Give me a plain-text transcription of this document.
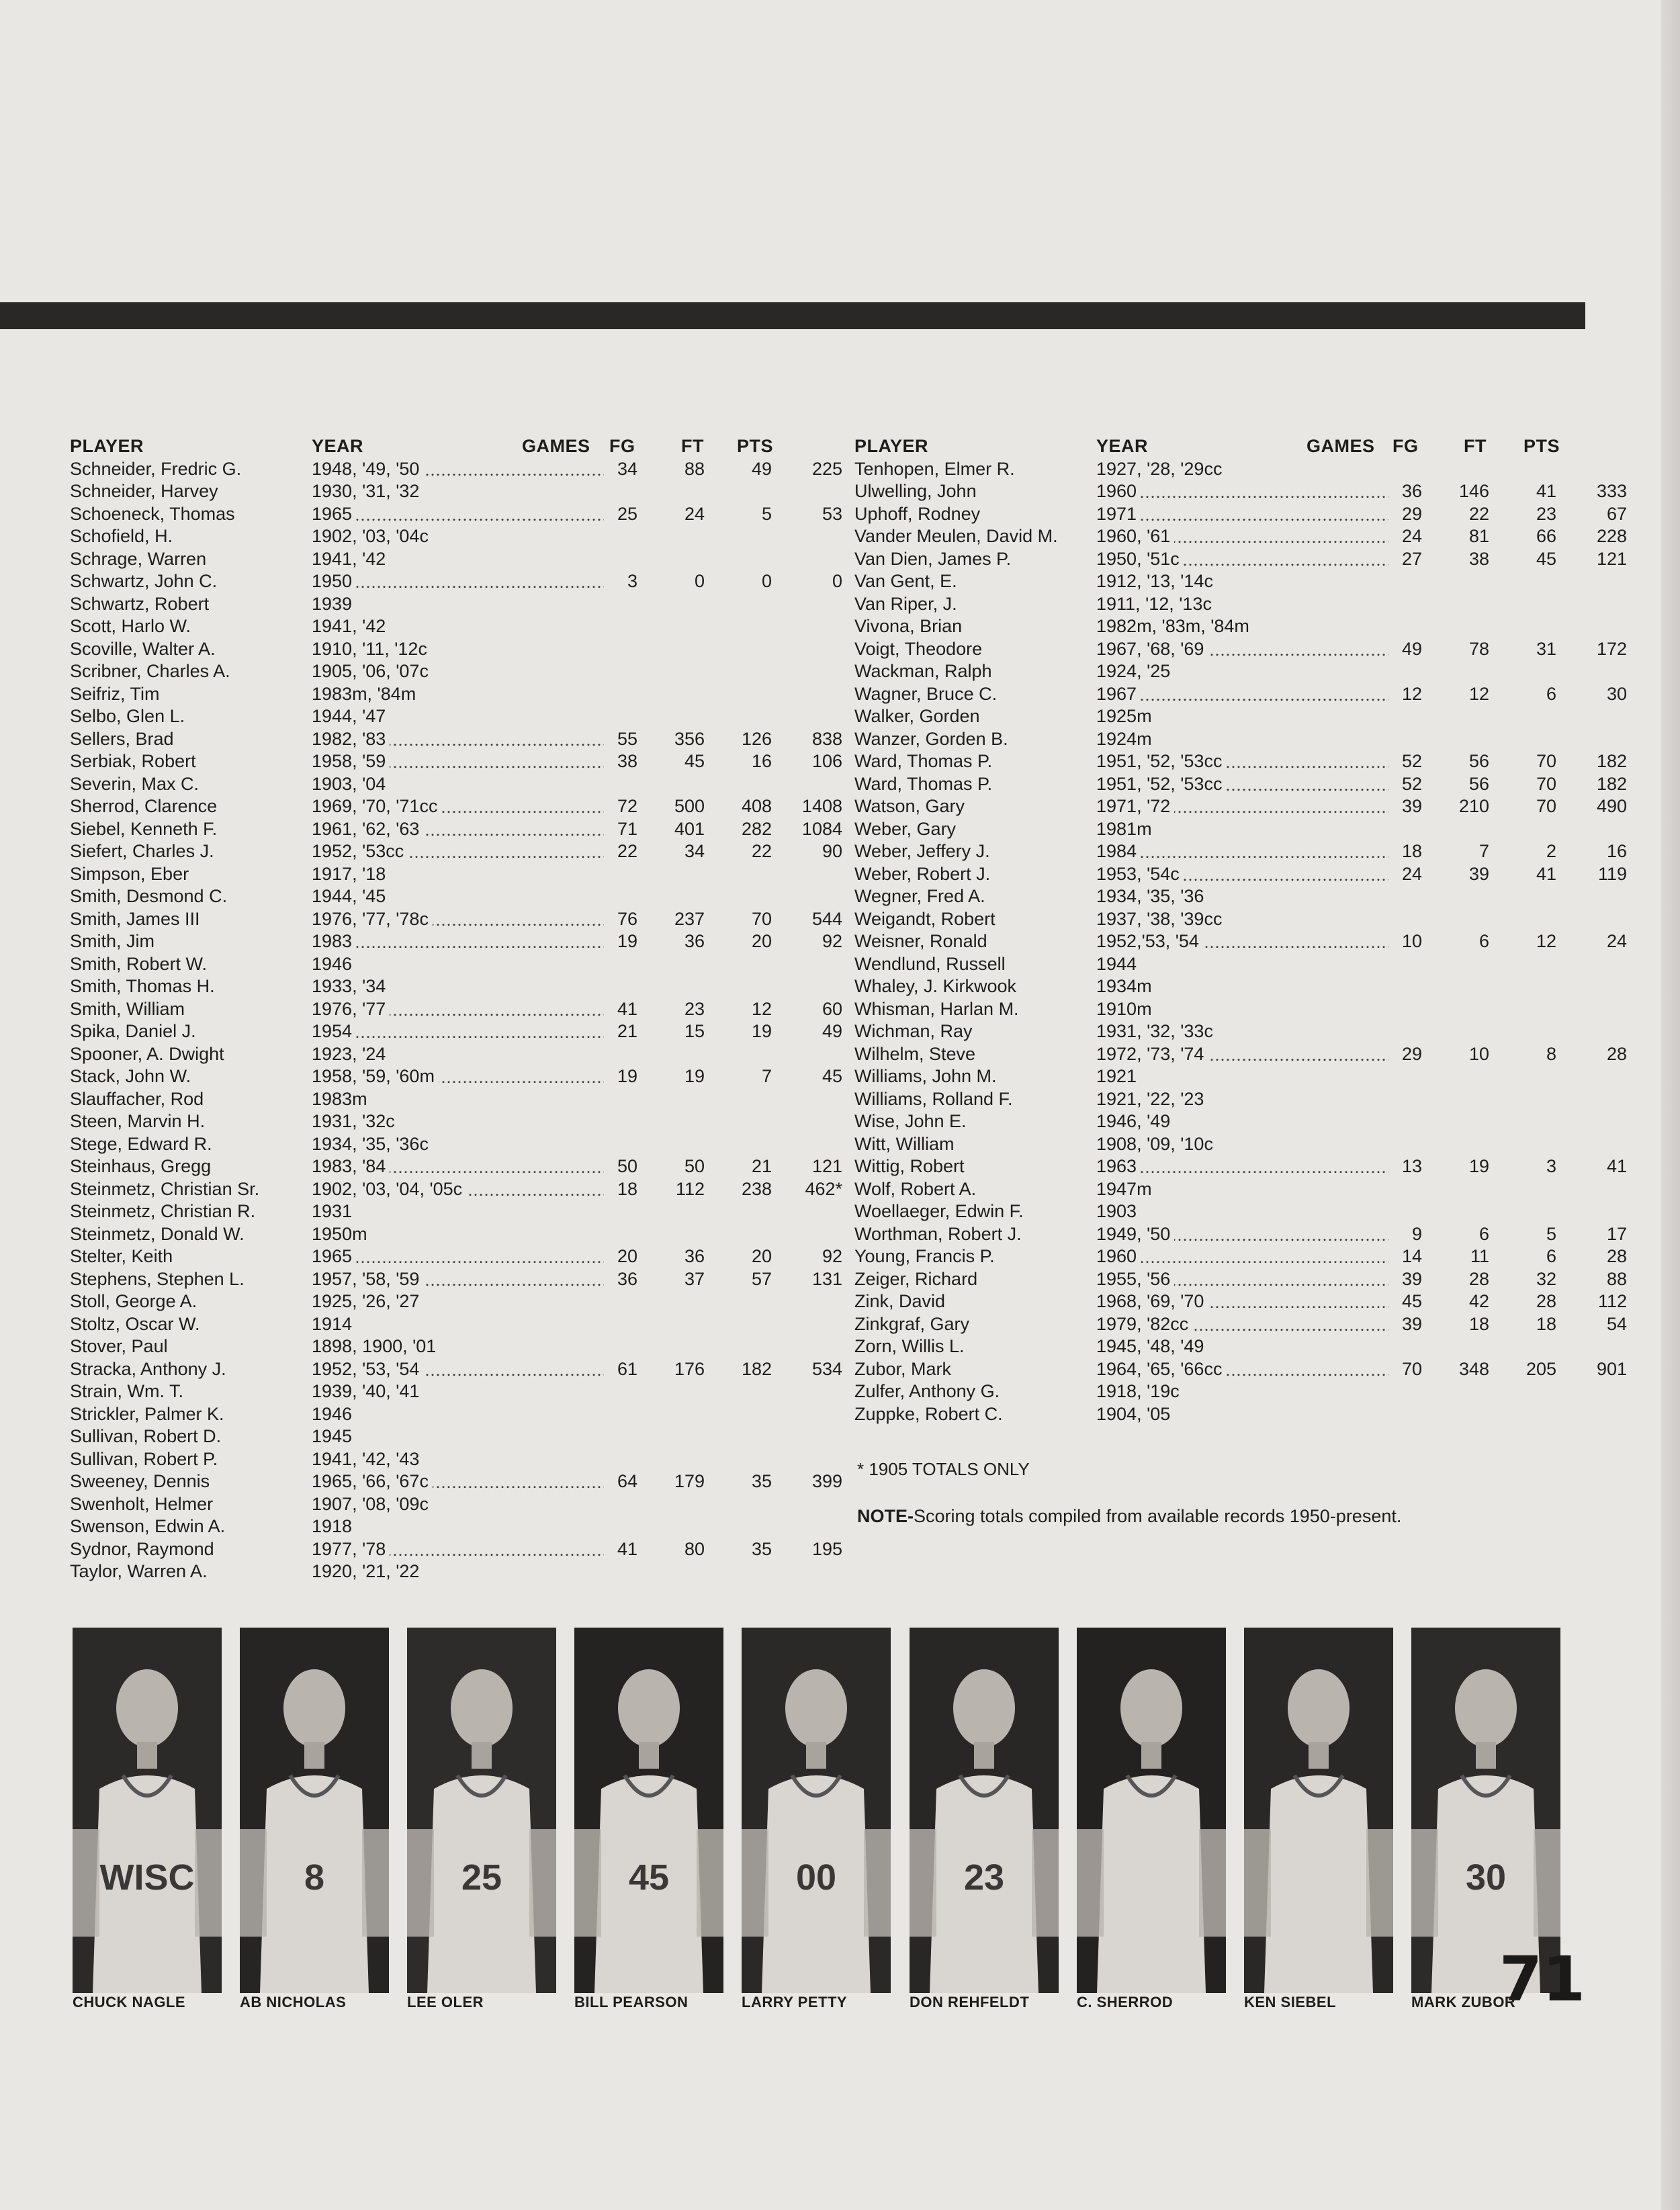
PLAYER	YEAR	GAMES FG	FT PTS
Schneider, Fredric G.	1948, '49, '50	34	88	49	225
Schneider, Harvey	1930, '31, '32
Schoeneck, Thomas	1965	25	24	5	53
Schofield, H.	1902, '03, '04c
Schrage, Warren	1941, '42
Schwartz, John C.	1950	3	0	0	0
Schwartz, Robert	1939
Scott, Harlo W.	1941, '42
Scoville, Walter A.	1910, '11, '12c
Scribner, Charles A.	1905, '06, '07c
Seifriz, Tim	1983m, '84m
Selbo, Glen L.	1944, '47
Sellers, Brad	1982, '83	55	356	126	838
Serbiak, Robert	1958, '59	38	45	16	106
Severin, Max C.	1903, '04
Sherrod, Clarence	1969, '70, '71cc	72	500	408	1408
Siebel, Kenneth F.	1961, '62, '63	71	401	282	1084
Siefert, Charles J.	1952, '53cc	22	34	22	90
Simpson, Eber	1917, '18
Smith, Desmond C.	1944, '45
Smith, James III	1976, '77, '78c	76	237	70	544
Smith, Jim	1983	19	36	20	92
Smith, Robert W.	1946
Smith, Thomas H.	1933, '34
Smith, William	1976, '77	41	23	12	60
Spika, Daniel J.	1954	21	15	19	49
Spooner, A. Dwight	1923, '24
Stack, John W.	1958, '59, '60m	19	19	7	45
Slauffacher, Rod	1983m
Steen, Marvin H.	1931, '32c
Stege, Edward R.	1934, '35, '36c
Steinhaus, Gregg	1983, '84	50	50	21	121
Steinmetz, Christian Sr.	1902, '03, '04, '05c	18	112	238	462*
Steinmetz, Christian R.	1931
Steinmetz, Donald W.	1950m
Stelter, Keith	1965	20	36	20	92
Stephens, Stephen L.	1957, '58, '59	36	37	57	131
Stoll, George A.	1925, '26, '27
Stoltz, Oscar W.	1914
Stover, Paul	1898, 1900, '01
Stracka, Anthony J.	1952, '53, '54	61	176	182	534
Strain, Wm. T.	1939, '40, '41
Strickler, Palmer K.	1946
Sullivan, Robert D.	1945
Sullivan, Robert P.	1941, '42, '43
Sweeney, Dennis	1965, '66, '67c	64	179	35	399
Swenholt, Helmer	1907, '08, '09c
Swenson, Edwin A.	1918
Sydnor, Raymond	1977, '78	41	80	35	195
Taylor, Warren A.	1920, '21, '22
PLAYER	YEAR	GAMES FG	FT PTS
Tenhopen, Elmer R.	1927, '28, '29cc
Ulwelling, John	1960	36	146	41	333
Uphoff, Rodney	1971	29	22	23	67
Vander Meulen, David M. 1960, '61	24	81	66	228
Van Dien, James P.	1950, '51c	27	38	45	121
Van Gent, E.	1912, '13, '14c
Van Riper, J.	1911, '12, '13c
Vivona, Brian	1982m, '83m, '84m
Voigt, Theodore	1967, '68, '69	49	78	31	172
Wackman, Ralph	1924, '25
Wagner, Bruce C.	1967	12	12	6	30
Walker, Gorden	1925m
Wanzer, Gorden B.	1924m
Ward, Thomas P.	1951, '52, '53cc	52	56	70	182
Ward, Thomas P.	1951, '52, '53cc	52	56	70	182
Watson, Gary	1971, '72	39	210	70	490
Weber, Gary	1981m
Weber, Jeffery J.	1984	18	7	2	16
Weber, Robert J.	1953, '54c	24	39	41	119
Wegner, Fred A.	1934, '35, '36
Weigandt, Robert	1937, '38, '39cc
Weisner, Ronald	1952,'53, '54	10	6	12	24
Wendlund, Russell	1944
Whaley, J. Kirkwook	1934m
Whisman, Harlan M.	1910m
Wichman, Ray	1931, '32, '33c
Wilhelm, Steve	1972, '73, '74	29	10	8	28
Williams, John M.	1921
Williams, Rolland F.	1921, '22, '23
Wise, John E.	1946, '49
Witt, William	1908, '09, '10c
Wittig, Robert	1963	13	19	3	41
Wolf, Robert A.	1947m
Woellaeger, Edwin F.	1903
Worthman, Robert J.	1949, '50	9	6	5	17
Young, Francis P.	1960	14	11	6	28
Zeiger, Richard	1955, '56	39	28	32	88
Zink, David	1968, '69, '70	45	42	28	112
Zinkgraf, Gary	1979, '82cc	39	18	18	54
Zorn, Willis L.	1945, '48, '49
Zubor, Mark	1964, '65, '66cc	70	348	205	901
Zulfer, Anthony G.	1918, '19c
Zuppke, Robert C.	1904, '05
* 1905 TOTALS ONLY
NOTE-Scoring totals compiled from available records 1950-present.
WISC	8	25	45	00	23	30
71
CHUCK NAGLE	AB NICHOLAS	LEE OLER	BILL PEARSON	LARRY PETTY	DON REHFELDT	C. SHERROD	KEN SIEBEL	MARK ZUBOR
